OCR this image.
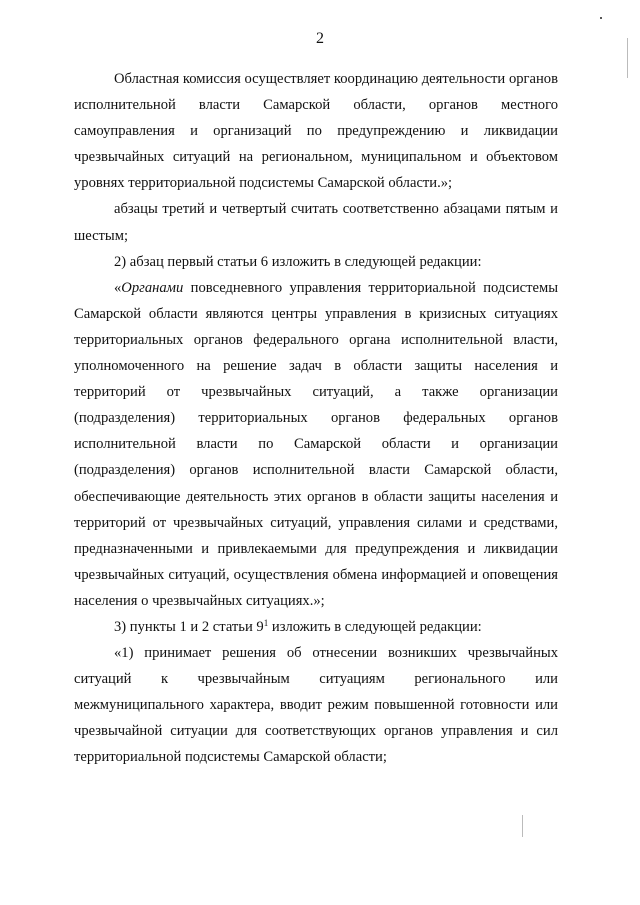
2

Областная комиссия осуществляет координацию деятельности органов исполнительной власти Самарской области, органов местного самоуправления и организаций по предупреждению и ликвидации чрезвычайных ситуаций на региональном, муниципальном и объектовом уровнях территориальной подсистемы Самарской области.»;

абзацы третий и четвертый считать соответственно абзацами пятым и шестым;

2) абзац первый статьи 6 изложить в следующей редакции:

«Органами повседневного управления территориальной подсистемы Самарской области являются центры управления в кризисных ситуациях территориальных органов федерального органа исполнительной власти, уполномоченного на решение задач в области защиты населения и территорий от чрезвычайных ситуаций, а также организации (подразделения) территориальных органов федеральных органов исполнительной власти по Самарской области и организации (подразделения) органов исполнительной власти Самарской области, обеспечивающие деятельность этих органов в области защиты населения и территорий от чрезвычайных ситуаций, управления силами и средствами, предназначенными и привлекаемыми для предупреждения и ликвидации чрезвычайных ситуаций, осуществления обмена информацией и оповещения населения о чрезвычайных ситуациях.»;

3) пункты 1 и 2 статьи $9^1$ изложить в следующей редакции:

«1) принимает решения об отнесении возникших чрезвычайных ситуаций к чрезвычайным ситуациям регионального или межмуниципального характера, вводит режим повышенной готовности или чрезвычайной ситуации для соответствующих органов управления и сил территориальной подсистемы Самарской области;
